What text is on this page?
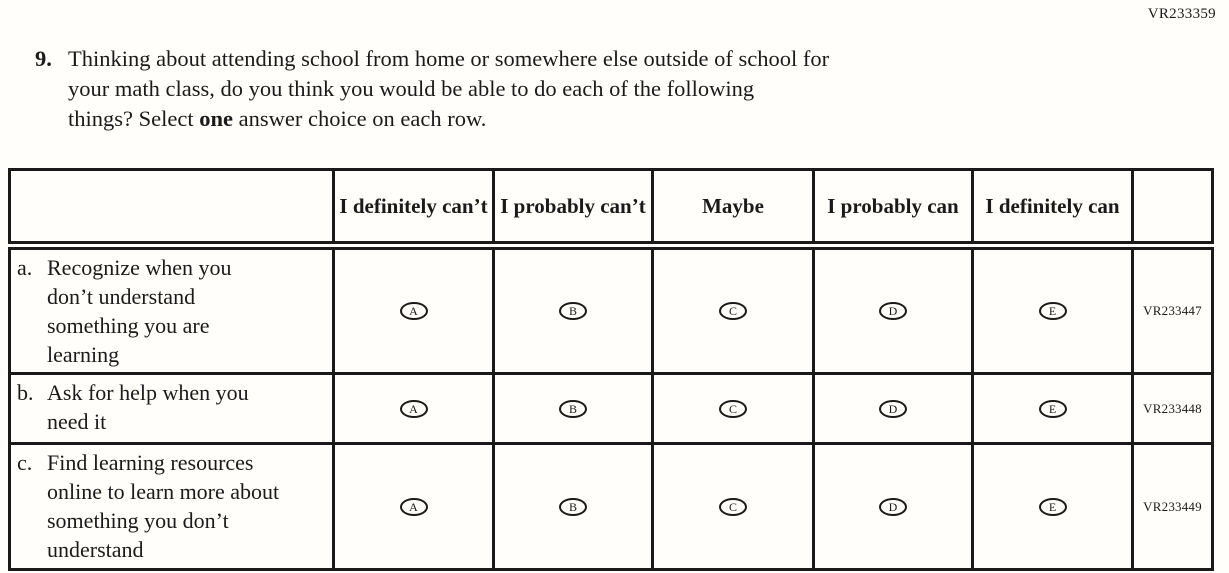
VR233359
9. Thinking about attending school from home or somewhere else outside of school for
your math class, do you think you would be able to do each of the following
things? Select one answer choice on each row.
	I definitely can’t	I probably can’t	Maybe	I probably can	I definitely can	

a. Recognize when you don’t understand something you are learning	A	B	C	D	E	VR233447

b. Ask for help when you need it	A	B	C	D	E	VR233448

c. Find learning resources online to learn more about something you don’t understand	A	B	C	D	E	VR233449
